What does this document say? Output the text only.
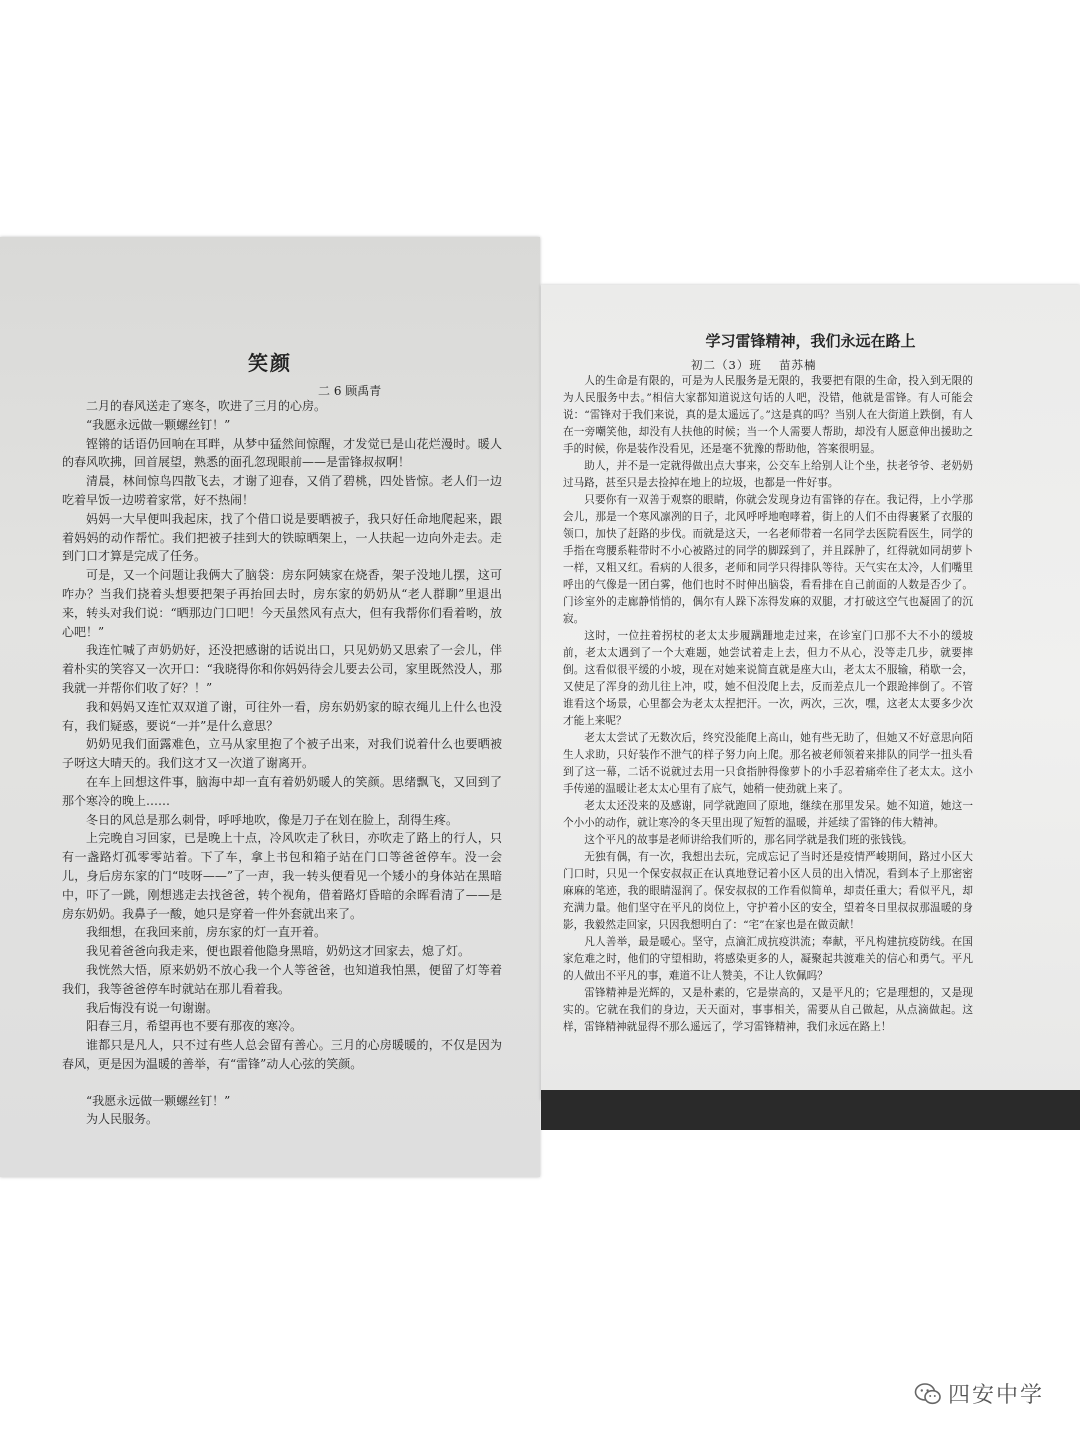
笑颜
二 6 顾禹青

二月的春风送走了寒冬，吹进了三月的心房。

“我愿永远做一颗螺丝钉！”

铿锵的话语仍回响在耳畔，从梦中猛然间惊醒，才发觉已是山花烂漫时。暖人的春风吹拂，回首展望，熟悉的面孔忽现眼前——是雷锋叔叔啊！

清晨，林间惊鸟四散飞去，才谢了迎春，又俏了碧桃，四处皆惊。老人们一边吃着早饭一边唠着家常，好不热闹！

妈妈一大早便叫我起床，找了个借口说是要晒被子，我只好任命地爬起来，跟着妈妈的动作帮忙。我们把被子挂到大的铁晾晒架上，一人扶起一边向外走去。走到门口才算是完成了任务。

可是，又一个问题让我俩大了脑袋：房东阿姨家在烧香，架子没地儿摆，这可咋办？当我们挠着头想要把架子再抬回去时，房东家的奶奶从“老人群聊”里退出来，转头对我们说：“晒那边门口吧！今天虽然风有点大，但有我帮你们看着哟，放心吧！”

我连忙喊了声奶奶好，还没把感谢的话说出口，只见奶奶又思索了一会儿，伴着朴实的笑容又一次开口：“我晓得你和你妈妈待会儿要去公司，家里既然没人，那我就一并帮你们收了好？！”

我和妈妈又连忙双双道了谢，可往外一看，房东奶奶家的晾衣绳儿上什么也没有，我们疑惑，要说“一并”是什么意思？

奶奶见我们面露难色，立马从家里抱了个被子出来，对我们说着什么也要晒被子呀这大晴天的。我们这才又一次道了谢离开。

在车上回想这件事，脑海中却一直有着奶奶暖人的笑颜。思绪飘飞，又回到了那个寒冷的晚上……

冬日的风总是那么刺骨，呼呼地吹，像是刀子在划在脸上，刮得生疼。

上完晚自习回家，已是晚上十点，冷风吹走了秋日，亦吹走了路上的行人，只有一盏路灯孤零零站着。下了车，拿上书包和箱子站在门口等爸爸停车。没一会儿，身后房东家的门“吱呀——”了一声，我一转头便看见一个矮小的身体站在黑暗中，吓了一跳，刚想逃走去找爸爸，转个视角，借着路灯昏暗的余晖看清了——是房东奶奶。我鼻子一酸，她只是穿着一件外套就出来了。

我细想，在我回来前，房东家的灯一直开着。

我见着爸爸向我走来，便也跟着他隐身黑暗，奶奶这才回家去，熄了灯。

我恍然大悟，原来奶奶不放心我一个人等爸爸，也知道我怕黑，便留了灯等着我们，我等爸爸停车时就站在那儿看着我。

我后悔没有说一句谢谢。

阳春三月，希望再也不要有那夜的寒冷。

谁都只是凡人，只不过有些人总会留有善心。三月的心房暖暖的，不仅是因为春风，更是因为温暖的善举，有“雷锋”动人心弦的笑颜。

“我愿永远做一颗螺丝钉！”

为人民服务。

学习雷锋精神，我们永远在路上
初二（3）班　 苗苏楠

人的生命是有限的，可是为人民服务是无限的，我要把有限的生命，投入到无限的为人民服务中去。”相信大家都知道说这句话的人吧，没错，他就是雷锋。有人可能会说：“雷锋对于我们来说，真的是太遥远了。”这是真的吗？当别人在大街道上跌倒，有人在一旁嘲笑他，却没有人扶他的时候；当一个人需要人帮助，却没有人愿意伸出援助之手的时候，你是装作没看见，还是毫不犹豫的帮助他，答案很明显。

助人，并不是一定就得做出点大事来，公交车上给别人让个坐，扶老爷爷、老奶奶过马路，甚至只是去捡掉在地上的垃圾，也都是一件好事。

只要你有一双善于观察的眼睛，你就会发现身边有雷锋的存在。我记得，上小学那会儿，那是一个寒风凛冽的日子，北风呼呼地咆哮着，街上的人们不由得裹紧了衣服的领口，加快了赶路的步伐。而就是这天，一名老师带着一名同学去医院看医生，同学的手指在弯腰系鞋带时不小心被路过的同学的脚踩到了，并且踩肿了，红得就如同胡萝卜一样，又粗又红。看病的人很多，老师和同学只得排队等待。天气实在太冷，人们嘴里呼出的气像是一团白雾，他们也时不时伸出脑袋，看看排在自己前面的人数是否少了。门诊室外的走廊静悄悄的，偶尔有人跺下冻得发麻的双腿，才打破这空气也凝固了的沉寂。

这时，一位拄着拐杖的老太太步履蹒跚地走过来，在诊室门口那不大不小的缓坡前，老太太遇到了一个大难题，她尝试着走上去，但力不从心，没等走几步，就要摔倒。这看似很平缓的小坡，现在对她来说简直就是座大山，老太太不服输，稍歇一会，又使足了浑身的劲儿往上冲，哎，她不但没爬上去，反而差点儿一个跟跄摔倒了。不管谁看这个场景，心里都会为老太太捏把汗。一次，两次，三次，嘿，这老太太要多少次才能上来呢？

老太太尝试了无数次后，终究没能爬上高山，她有些无助了，但她又不好意思向陌生人求助，只好装作不泄气的样子努力向上爬。那名被老师领着来排队的同学一扭头看到了这一幕，二话不说就过去用一只食指肿得像萝卜的小手忍着痛牵住了老太太。这小手传递的温暖让老太太心里有了底气，她稍一使劲就上来了。

老太太还没来的及感谢，同学就跑回了原地，继续在那里发呆。她不知道，她这一个小小的动作，就让寒冷的冬天里出现了短暂的温暖，并延续了雷锋的伟大精神。

这个平凡的故事是老师讲给我们听的，那名同学就是我们班的张钱钱。

无独有偶，有一次，我想出去玩，完成忘记了当时还是疫情严峻期间，路过小区大门口时，只见一个保安叔叔正在认真地登记着小区人员的出入情况，看到本子上那密密麻麻的笔迹，我的眼睛湿润了。保安叔叔的工作看似简单，却责任重大；看似平凡，却充满力量。他们坚守在平凡的岗位上，守护着小区的安全，望着冬日里叔叔那温暖的身影，我毅然走回家，只因我想明白了：“宅”在家也是在做贡献！

凡人善举，最是暖心。坚守，点滴汇成抗疫洪流；奉献，平凡构建抗疫防线。在国家危难之时，他们的守望相助，将感染更多的人，凝聚起共渡难关的信心和勇气。平凡的人做出不平凡的事，难道不让人赞美，不让人钦佩吗？

雷锋精神是光辉的，又是朴素的，它是崇高的，又是平凡的；它是理想的，又是现实的。它就在我们的身边，天天面对，事事相关，需要从自己做起，从点滴做起。这样，雷锋精神就显得不那么遥远了，学习雷锋精神，我们永远在路上！

四安中学
